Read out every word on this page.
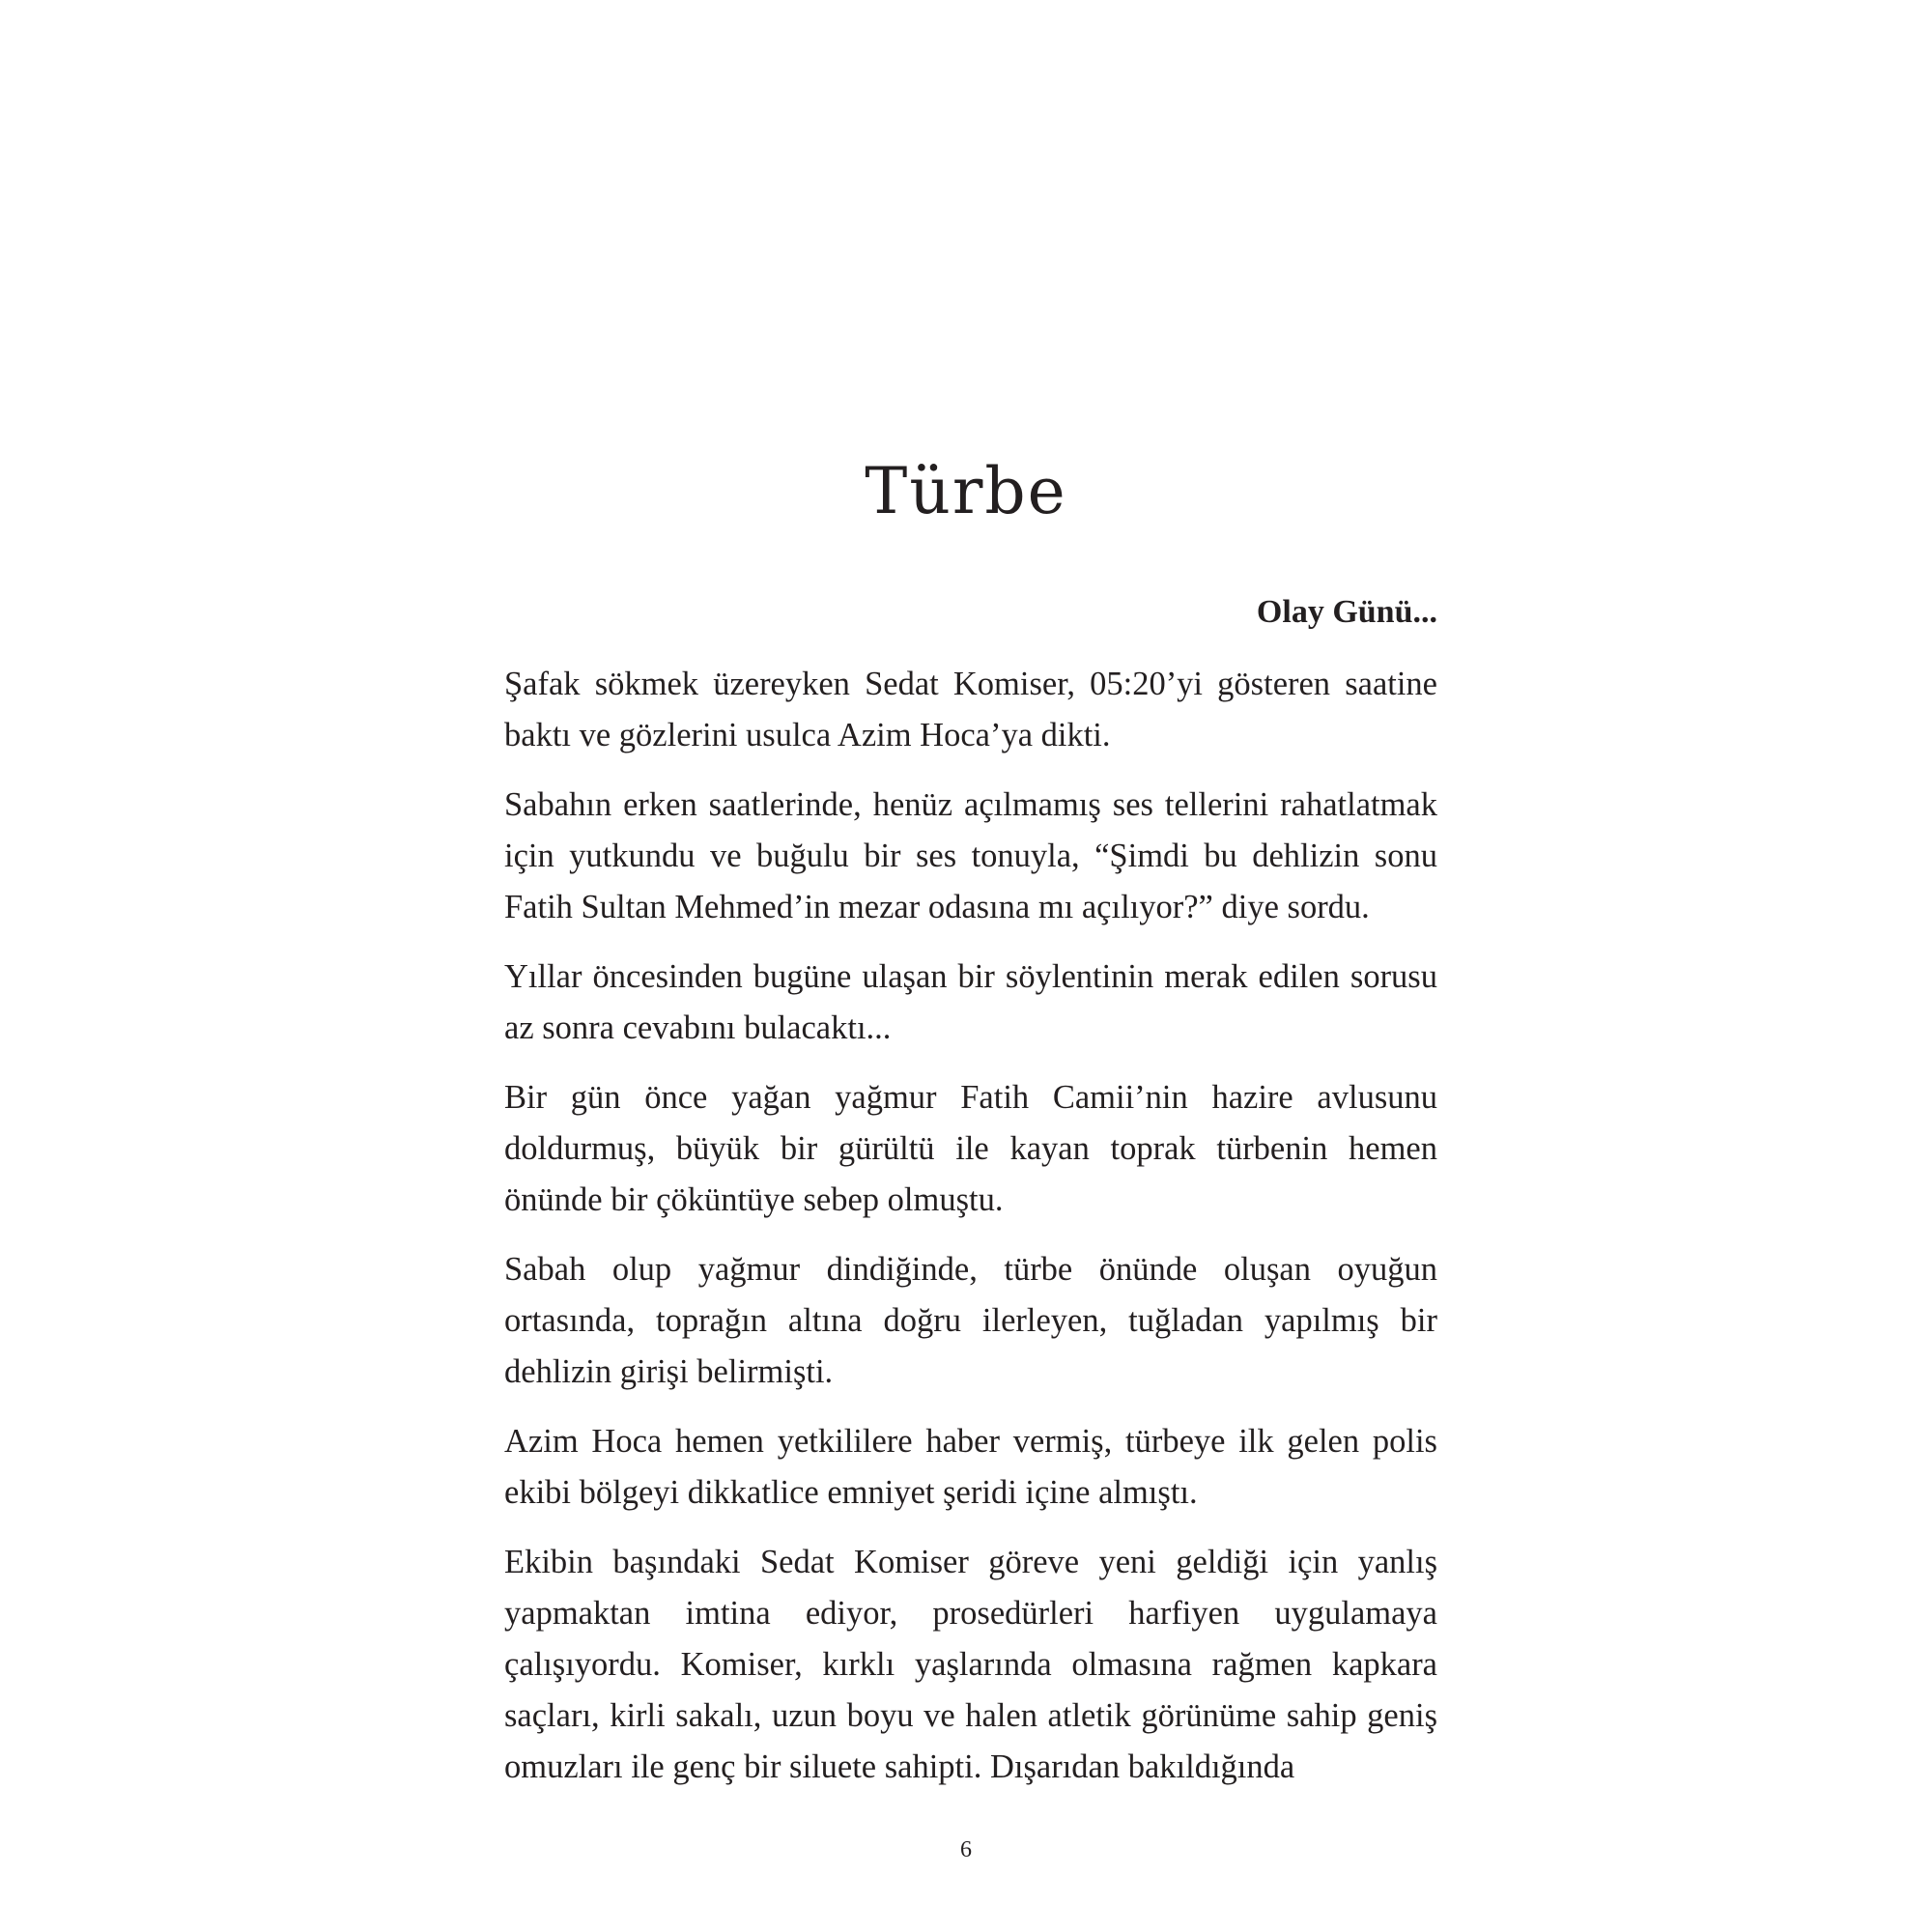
Türbe

Olay Günü...

Şafak sökmek üzereyken Sedat Komiser, 05:20’yi gösteren saatine baktı ve gözlerini usulca Azim Hoca’ya dikti.

Sabahın erken saatlerinde, henüz açılmamış ses tellerini rahatlatmak için yutkundu ve buğulu bir ses tonuyla, “Şimdi bu dehlizin sonu Fatih Sultan Mehmed’in mezar odasına mı açılıyor?” diye sordu.

Yıllar öncesinden bugüne ulaşan bir söylentinin merak edilen sorusu az sonra cevabını bulacaktı...

Bir gün önce yağan yağmur Fatih Camii’nin hazire avlusunu doldurmuş, büyük bir gürültü ile kayan toprak türbenin hemen önünde bir çöküntüye sebep olmuştu.

Sabah olup yağmur dindiğinde, türbe önünde oluşan oyuğun ortasında, toprağın altına doğru ilerleyen, tuğladan yapılmış bir dehlizin girişi belirmişti.

Azim Hoca hemen yetkililere haber vermiş, türbeye ilk gelen polis ekibi bölgeyi dikkatlice emniyet şeridi içine almıştı.

Ekibin başındaki Sedat Komiser göreve yeni geldiği için yanlış yapmaktan imtina ediyor, prosedürleri harfiyen uygulamaya çalışıyordu. Komiser, kırklı yaşlarında olmasına rağmen kapkara saçları, kirli sakalı, uzun boyu ve halen atletik görünüme sahip geniş omuzları ile genç bir siluete sahipti. Dışarıdan bakıldığında

6
